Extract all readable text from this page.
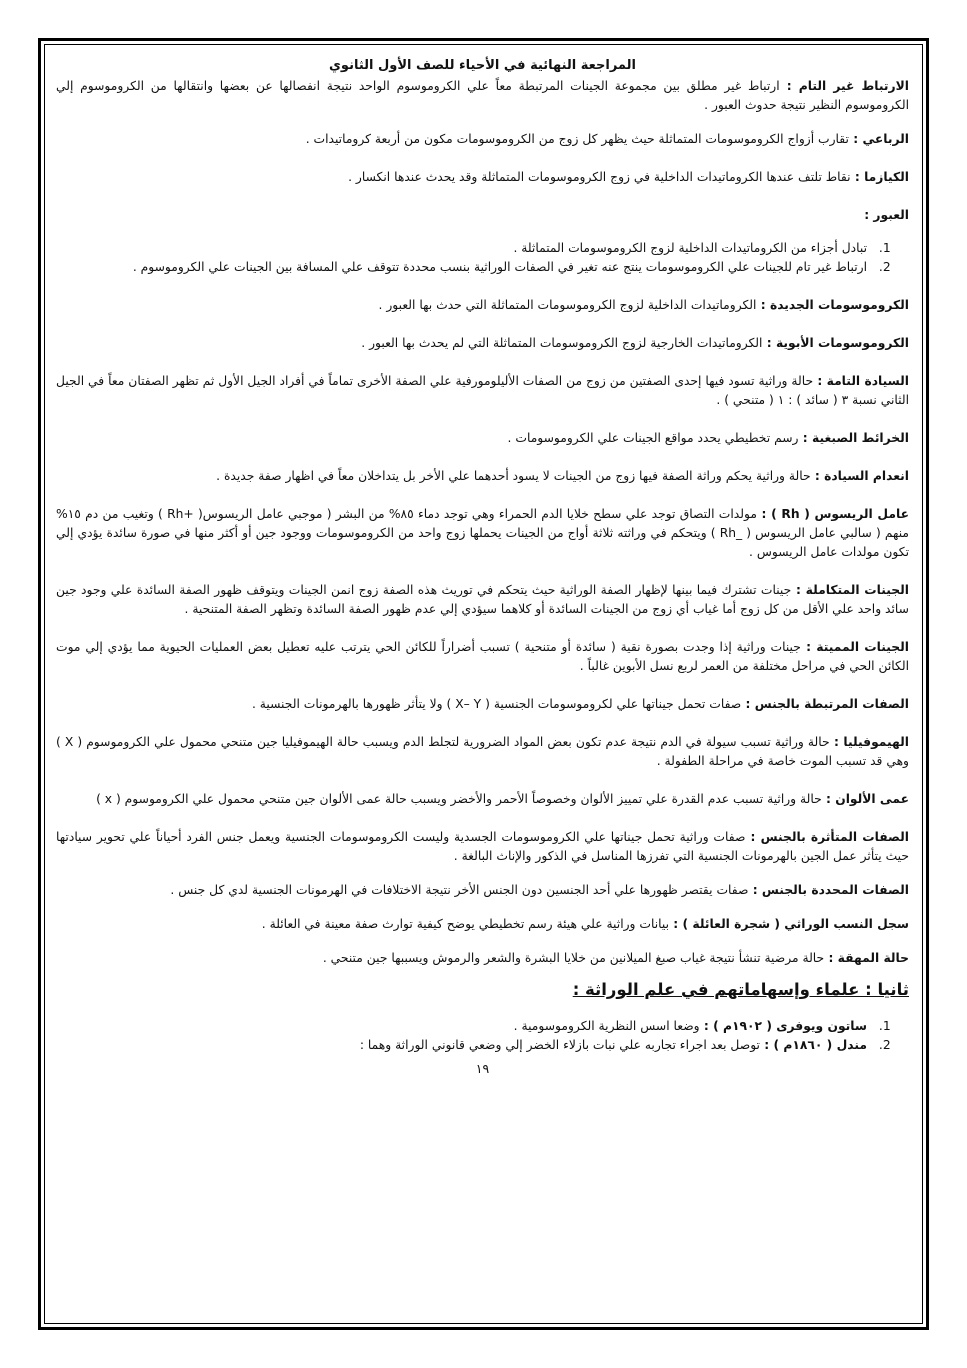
المراجعة النهائية في الأحياء للصف الأول الثانوي

الارتباط غير التام : ارتباط غير مطلق بين مجموعة الجينات المرتبطة معاً علي الكروموسوم الواحد نتيجة انفصالها عن بعضها وانتقالها من الكروموسوم إلي الكروموسوم النظير نتيجة حدوث العبور .

الرباعي : تقارب أزواج الكروموسومات المتماثلة حيث يظهر كل زوج من الكروموسومات مكون من أربعة كروماتيدات .

الكيازما : نقاط تلتف عندها الكروماتيدات الداخلية في زوج الكروموسومات المتماثلة وقد يحدث عندها انكسار .

العبور :

1. تبادل أجزاء من الكروماتيدات الداخلية لزوج الكروموسومات المتماثلة .
2. ارتباط غير تام للجينات علي الكروموسومات ينتج عنه تغير في الصفات الوراثية بنسب محددة تتوقف علي المسافة بين الجينات علي الكروموسوم .

الكروموسومات الجديدة : الكروماتيدات الداخلية لزوج الكروموسومات المتماثلة التي حدث بها العبور .

الكروموسومات الأبوية : الكروماتيدات الخارجية لزوج الكروموسومات المتماثلة التي لم يحدث بها العبور .

السيادة التامة : حالة وراثية تسود فيها إحدى الصفتين من زوج من الصفات الأليلومورفية علي الصفة الأخرى تماماً في أفراد الجيل الأول ثم تظهر الصفتان معاً في الجيل الثاني نسبة ٣ ( سائد ) : ١ ( متنحي ) .

الخرائط الصبغية : رسم تخطيطي يحدد مواقع الجينات علي الكروموسومات .

انعدام السيادة : حالة وراثية يحكم وراثة الصفة فيها زوج من الجينات لا يسود أحدهما علي الأخر بل يتداخلان معاً في اظهار صفة جديدة .

عامل الريسوس ( Rh ) : مولدات التصاق توجد علي سطح خلايا الدم الحمراء وهي توجد دماء ٨٥% من البشر ( موجبي عامل الريسوس( +Rh ) وتغيب من دم ١٥% منهم ( سالبي عامل الريسوس ( _Rh ) ويتحكم في وراثته ثلاثة أواج من الجينات يحملها زوج واحد من الكروموسومات ووجود جين أو أكثر منها في صورة سائدة يؤدي إلي تكون مولدات عامل الريسوس .

الجينات المتكاملة : جينات تشترك فيما بينها لإظهار الصفة الوراثية حيث يتحكم في توريث هذه الصفة زوج انمن الجينات ويتوقف ظهور الصفة السائدة علي وجود جين سائد واحد علي الأقل من كل زوج أما غياب أي زوج من الجينات السائدة أو كلاهما سيؤدي إلي عدم ظهور الصفة السائدة وتظهر الصفة المتنحية .

الجينات المميتة : جينات وراثية إذا وجدت بصورة نقية ( سائدة أو متنحية ) تسبب أضراراً للكائن الحي يترتب عليه تعطيل بعض العمليات الحيوية مما يؤدي إلي موت الكائن الحي في مراحل مختلفة من العمر لربع نسل الأبوين غالباً .

الصفات المرتبطة بالجنس : صفات تحمل جيناتها علي لكروموسومات الجنسية ( X– Y ) ولا يتأثر ظهورها بالهرمونات الجنسية .

الهيموفيليا : حالة وراثية تسبب سيولة في الدم نتيجة عدم تكون بعض المواد الضرورية لتجلط الدم ويسبب حالة الهيموفيليا جين متنحي محمول علي الكروموسوم ( X ) وهي قد تسبب الموت خاصة في مراحلة الطفولة .

عمى الألوان : حالة وراثية تسبب عدم القدرة علي تمييز الألوان وخصوصاً الأحمر والأخضر ويسبب حالة عمى الألوان جين متنحي محمول علي الكروموسوم ( x )

الصفات المتأثرة بالجنس : صفات وراثية تحمل جيناتها علي الكروموسومات الجسدية وليست الكروموسومات الجنسية ويعمل جنس الفرد أحياناً علي تحوير سيادتها حيث يتأثر عمل الجين بالهرمونات الجنسية التي تفرزها المناسل في الذكور والإناث البالغة .

الصفات المحددة بالجنس : صفات يقتصر ظهورها علي أحد الجنسين دون الجنس الأخر نتيجة الاختلافات في الهرمونات الجنسية لدي كل جنس .

سجل النسب الوراثي ( شجرة العائلة ) : بيانات وراثية علي هيئة رسم تخطيطي يوضح كيفية توارث صفة معينة في العائلة .

حالة المهقة : حالة مرضية تنشأ نتيجة غياب صبغ الميلانين من خلايا البشرة والشعر والرموش ويسببها جين متنحي .

ثانيا : علماء وإسهاماتهم في علم الوراثة :
1. ساتون ويوفرى ( ١٩٠٢م ) : وضعا اسس النظرية الكروموسومية .
2. مندل ( ١٨٦٠م ) : توصل بعد اجراء تجاربه علي نبات بازلاء الخضر إلي وضعي قانوني الوراثة وهما :
١٩
